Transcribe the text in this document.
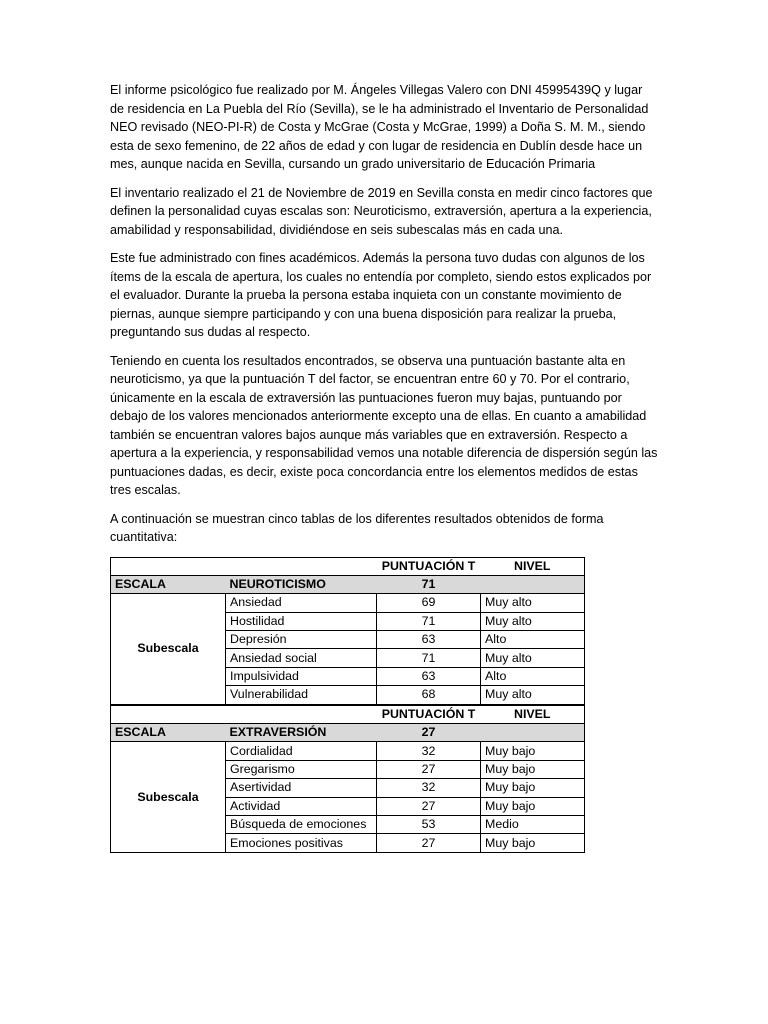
El informe psicológico fue realizado por M. Ángeles Villegas Valero con DNI 45995439Q y lugar de residencia en La Puebla del Río (Sevilla), se le ha administrado el Inventario de Personalidad NEO revisado (NEO-PI-R) de Costa y McGrae (Costa y McGrae, 1999) a Doña S. M. M., siendo esta de sexo femenino, de 22 años de edad y con lugar de residencia en Dublín desde hace un mes, aunque nacida en Sevilla, cursando un grado universitario de Educación Primaria

El inventario realizado el 21 de Noviembre de 2019 en Sevilla consta en medir cinco factores que definen la personalidad cuyas escalas son: Neuroticismo, extraversión, apertura a la experiencia, amabilidad y responsabilidad, dividiéndose en seis subescalas más en cada una.

Este fue administrado con fines académicos. Además la persona tuvo dudas con algunos de los ítems de la escala de apertura, los cuales no entendía por completo, siendo estos explicados por el evaluador. Durante la prueba la persona estaba inquieta con un constante movimiento de piernas, aunque siempre participando y con una buena disposición para realizar la prueba, preguntando sus dudas al respecto.

Teniendo en cuenta los resultados encontrados, se observa una puntuación bastante alta en neuroticismo, ya que la puntuación T del factor, se encuentran entre 60 y 70. Por el contrario, únicamente en la escala de extraversión las puntuaciones fueron muy bajas, puntuando por debajo de los valores mencionados anteriormente excepto una de ellas. En cuanto a amabilidad también se encuentran valores bajos aunque más variables que en extraversión. Respecto a apertura a la experiencia, y responsabilidad vemos una notable diferencia de dispersión según las puntuaciones dadas, es decir, existe poca concordancia entre los elementos medidos de estas tres escalas.

A continuación se muestran cinco tablas de los diferentes resultados obtenidos de forma cuantitativa:

		PUNTUACIÓN T	NIVEL
ESCALA	NEUROTICISMO	71	
Subescala	Ansiedad	69	Muy alto
	Hostilidad	71	Muy alto
	Depresión	63	Alto
	Ansiedad social	71	Muy alto
	Impulsividad	63	Alto
	Vulnerabilidad	68	Muy alto
		PUNTUACIÓN T	NIVEL
ESCALA	EXTRAVERSIÓN	27	
Subescala	Cordialidad	32	Muy bajo
	Gregarismo	27	Muy bajo
	Asertividad	32	Muy bajo
	Actividad	27	Muy bajo
	Búsqueda de emociones	53	Medio
	Emociones positivas	27	Muy bajo
